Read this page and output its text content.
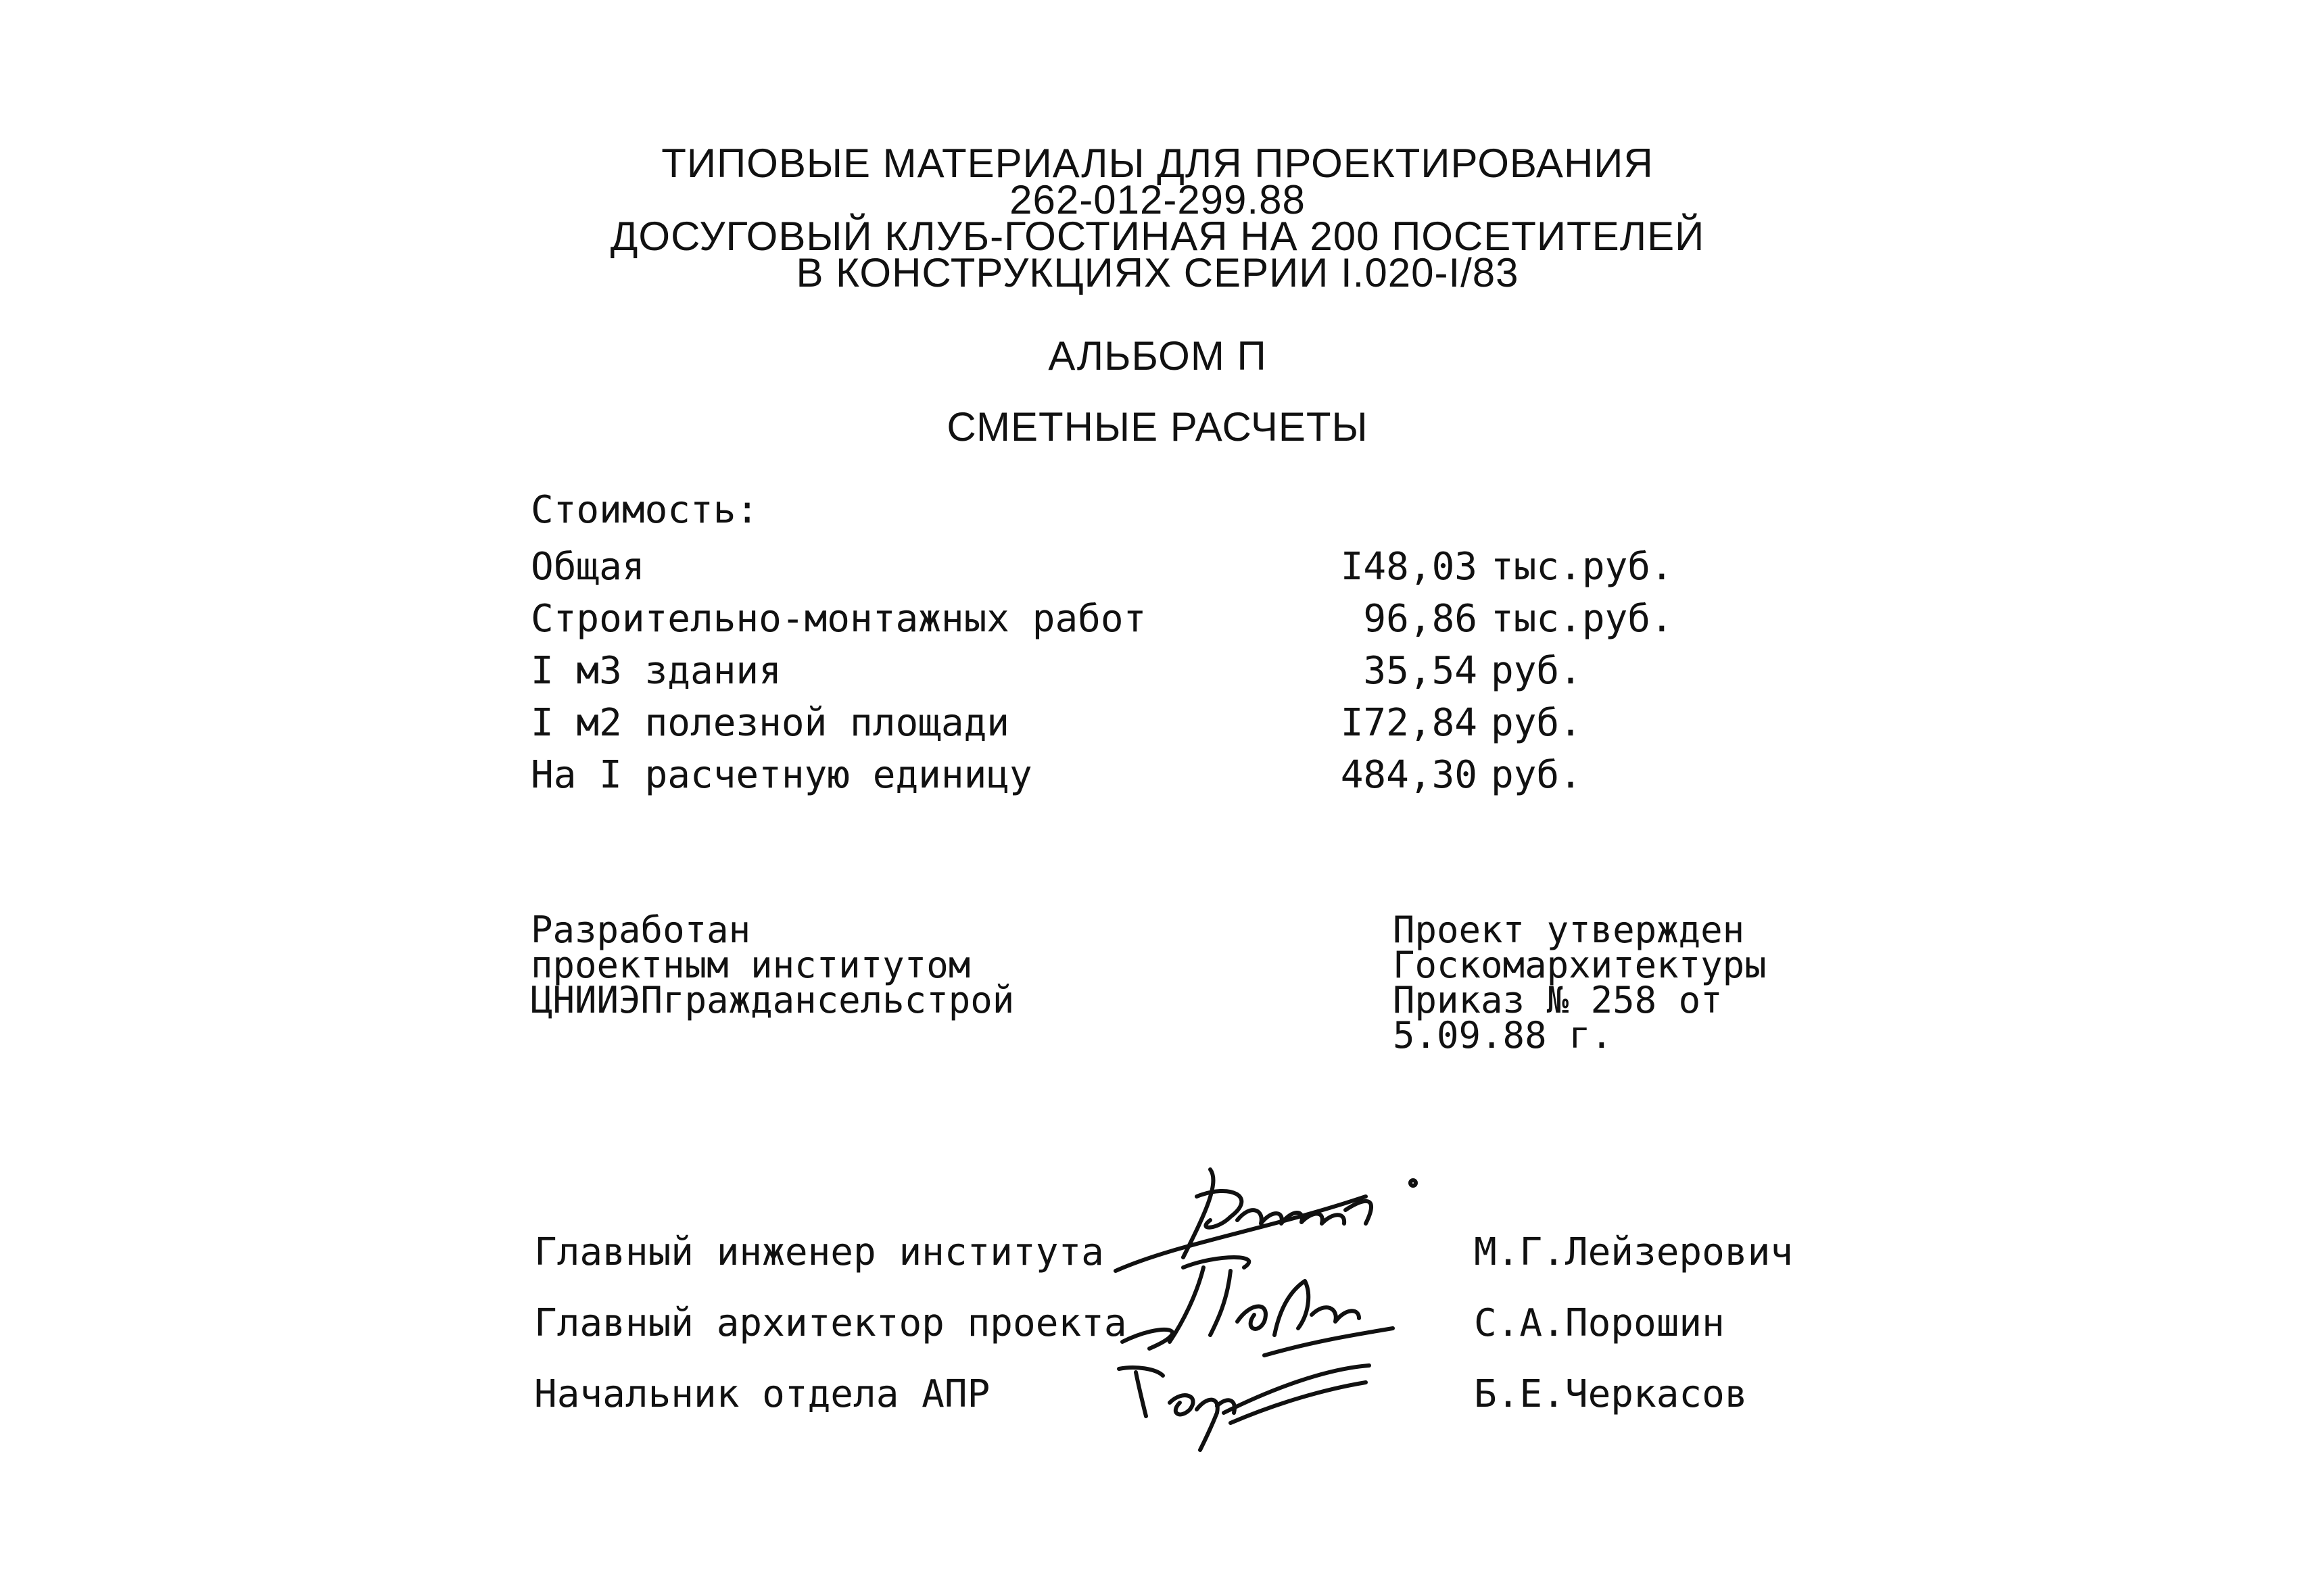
ТИПОВЫЕ МАТЕРИАЛЫ ДЛЯ ПРОЕКТИРОВАНИЯ
262-012-299.88
ДОСУГОВЫЙ КЛУБ-ГОСТИНАЯ НА 200 ПОСЕТИТЕЛЕЙ
В КОНСТРУКЦИЯХ СЕРИИ I.020-I/83
АЛЬБОМ П
СМЕТНЫЕ РАСЧЕТЫ
Стоимость:
Общая	I48,03 тыс.руб.
Строительно-монтажных работ	96,86 тыс.руб.
I м3 здания	35,54 руб.
I м2 полезной площади	I72,84 руб.
На I расчетную единицу	484,30 руб.
Разработан
проектным институтом
ЦНИИЭПграждансельстрой
Проект утвержден
Госкомархитектуры
Приказ № 258 от
5.09.88 г.
Главный инженер института	М.Г.Лейзерович
Главный архитектор проекта	С.А.Порошин
Начальник отдела АПР	Б.Е.Черкасов
